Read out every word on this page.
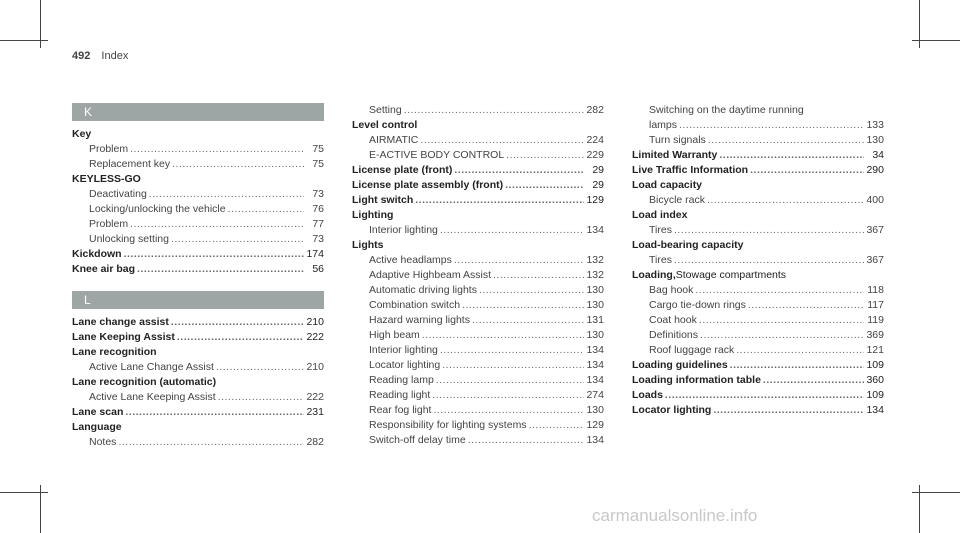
492 Index
K
Key
Problem .....	75
Replacement key .....	75
KEYLESS-GO
Deactivating .....	73
Locking/unlocking the vehicle .....	76
Problem .....	77
Unlocking setting .....	73
Kickdown .....	174
Knee air bag .....	56
L
Lane change assist .....	210
Lane Keeping Assist .....	222
Lane recognition
Active Lane Change Assist .....	210
Lane recognition (automatic)
Active Lane Keeping Assist .....	222
Lane scan .....	231
Language
Notes .....	282
Setting .....	282
Level control
AIRMATIC .....	224
E-ACTIVE BODY CONTROL .....	229
License plate (front) .....	29
License plate assembly (front) .....	29
Light switch .....	129
Lighting
Interior lighting .....	134
Lights
Active headlamps .....	132
Adaptive Highbeam Assist .....	132
Automatic driving lights .....	130
Combination switch .....	130
Hazard warning lights .....	131
High beam .....	130
Interior lighting .....	134
Locator lighting .....	134
Reading lamp .....	134
Reading light .....	274
Rear fog light .....	130
Responsibility for lighting systems .....	129
Switch-off delay time .....	134
Switching on the daytime running
lamps .....	133
Turn signals .....	130
Limited Warranty .....	34
Live Traffic Information .....	290
Load capacity
Bicycle rack .....	400
Load index
Tires .....	367
Load-bearing capacity
Tires .....	367
Loading, Stowage compartments
Bag hook .....	118
Cargo tie-down rings .....	117
Coat hook .....	119
Definitions .....	369
Roof luggage rack .....	121
Loading guidelines .....	109
Loading information table .....	360
Loads .....	109
Locator lighting .....	134
carmanualsonline.info
